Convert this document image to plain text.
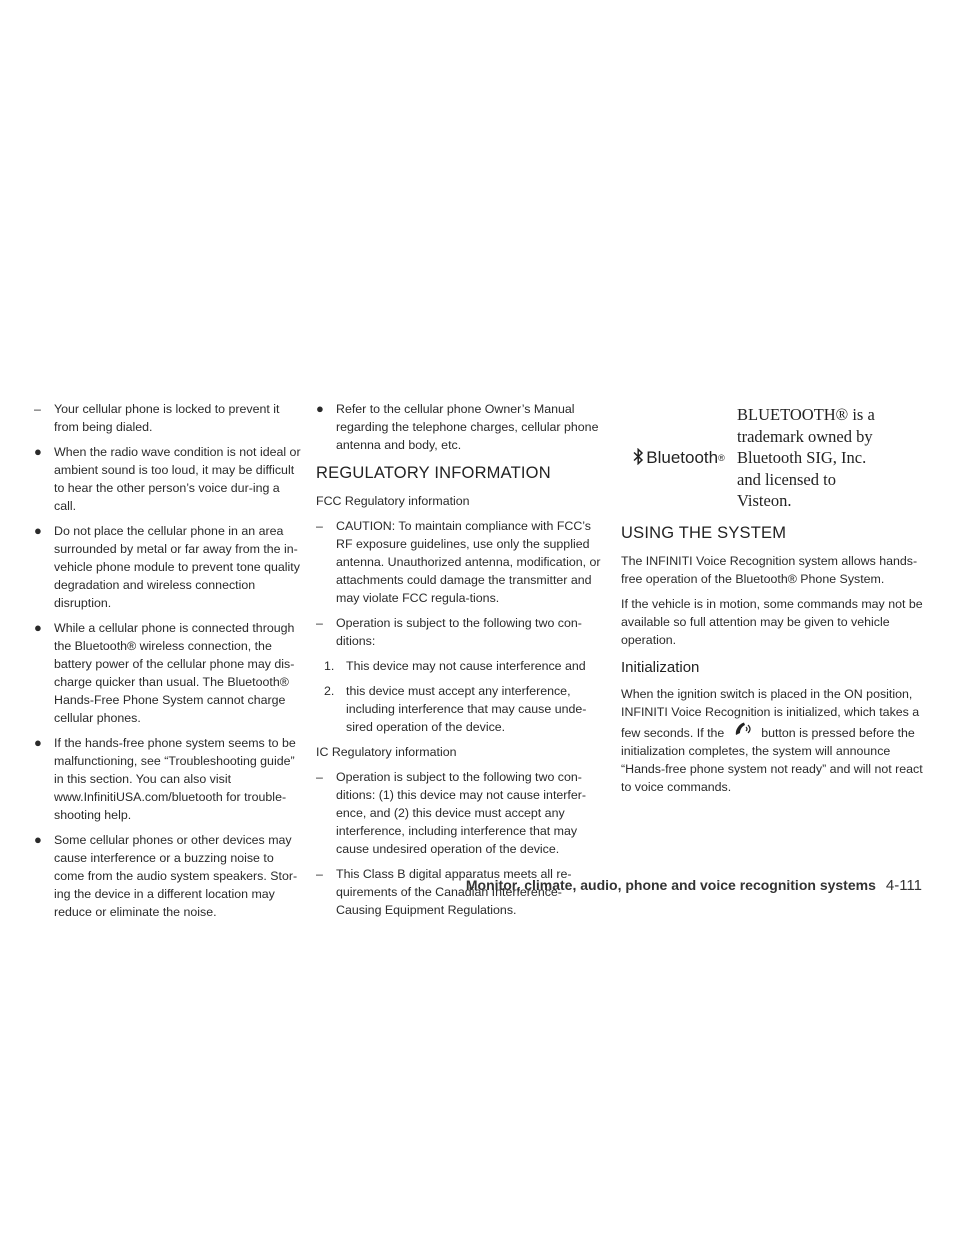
– Your cellular phone is locked to prevent it from being dialed.

● When the radio wave condition is not ideal or ambient sound is too loud, it may be difficult to hear the other person’s voice dur-ing a call.

● Do not place the cellular phone in an area surrounded by metal or far away from the in-vehicle phone module to prevent tone quality degradation and wireless connection disruption.

● While a cellular phone is connected through the Bluetooth® wireless connection, the battery power of the cellular phone may dis-charge quicker than usual. The Bluetooth® Hands-Free Phone System cannot charge cellular phones.

● If the hands-free phone system seems to be malfunctioning, see “Troubleshooting guide” in this section. You can also visit www.InfinitiUSA.com/bluetooth for trouble-shooting help.

● Some cellular phones or other devices may cause interference or a buzzing noise to come from the audio system speakers. Stor-ing the device in a different location may reduce or eliminate the noise.

● Refer to the cellular phone Owner’s Manual regarding the telephone charges, cellular phone antenna and body, etc.

REGULATORY INFORMATION

FCC Regulatory information

– CAUTION: To maintain compliance with FCC’s RF exposure guidelines, use only the supplied antenna. Unauthorized antenna, modification, or attachments could damage the transmitter and may violate FCC regula-tions.

– Operation is subject to the following two con-ditions:

1. This device may not cause interference and

2. this device must accept any interference, including interference that may cause unde-sired operation of the device.

IC Regulatory information

– Operation is subject to the following two con-ditions: (1) this device may not cause interfer-ence, and (2) this device must accept any interference, including interference that may cause undesired operation of the device.

– This Class B digital apparatus meets all re-quirements of the Canadian Interference-Causing Equipment Regulations.

Bluetooth ®
BLUETOOTH® is a trademark owned by Bluetooth SIG, Inc. and licensed to Visteon.
USING THE SYSTEM

The INFINITI Voice Recognition system allows hands-free operation of the Bluetooth® Phone System.

If the vehicle is in motion, some commands may not be available so full attention may be given to vehicle operation.

Initialization

When the ignition switch is placed in the ON position, INFINITI Voice Recognition is initialized, which takes a few seconds. If the	button is pressed before the initialization completes, the system will announce “Hands-free phone system not ready” and will not react to voice commands.

Monitor, climate, audio, phone and voice recognition systems 4-111
